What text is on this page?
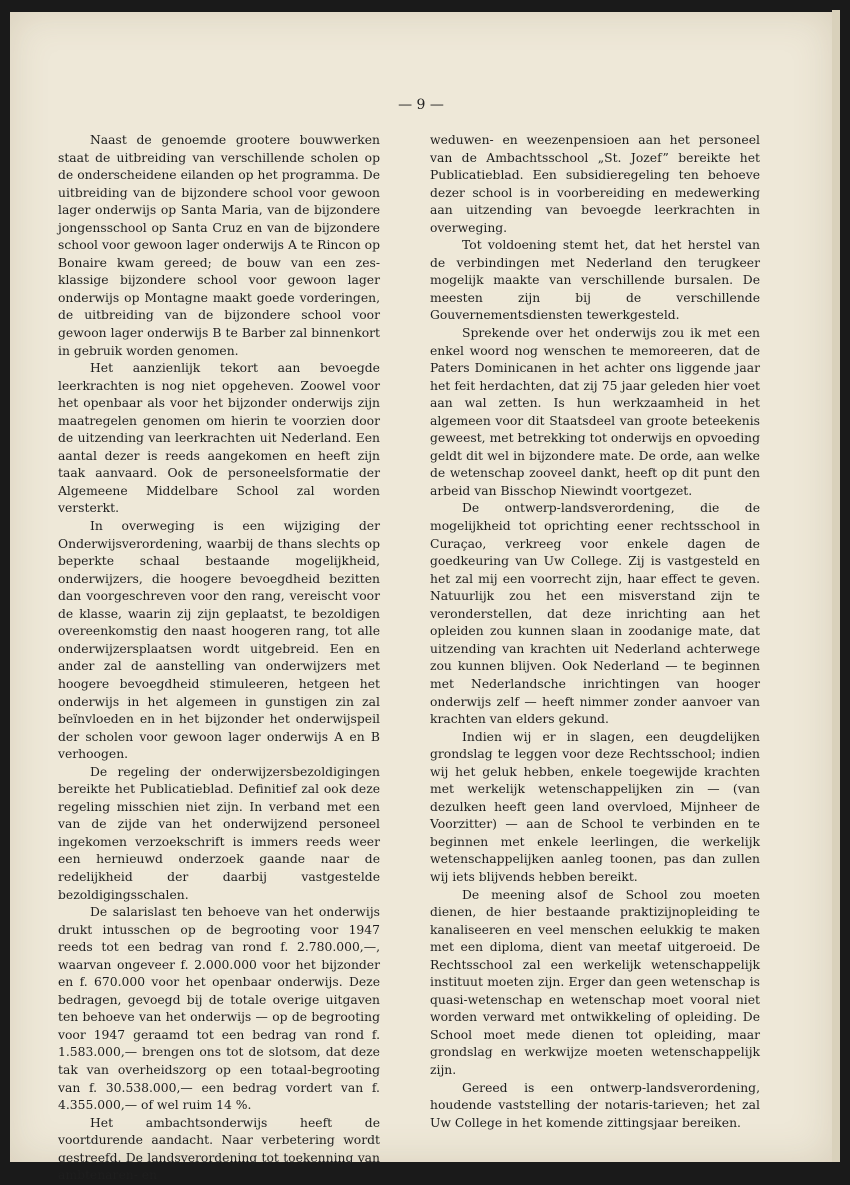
— 9 —

Naast de genoemde grootere bouwwerken staat de uitbreiding van verschillende scholen op de onderscheidene eilanden op het programma. De uitbreiding van de bijzondere school voor gewoon lager onderwijs op Santa Maria, van de bijzondere jongensschool op Santa Cruz en van de bijzondere school voor gewoon lager onderwijs A te Rincon op Bonaire kwam gereed; de bouw van een zes-klassige bijzondere school voor gewoon lager onderwijs op Montagne maakt goede vorderingen, de uitbreiding van de bijzondere school voor gewoon lager onderwijs B te Barber zal binnenkort in gebruik worden genomen.

Het aanzienlijk tekort aan bevoegde leerkrachten is nog niet opgeheven. Zoowel voor het openbaar als voor het bijzonder onderwijs zijn maatregelen genomen om hierin te voorzien door de uitzending van leerkrachten uit Nederland. Een aantal dezer is reeds aangekomen en heeft zijn taak aanvaard. Ook de personeelsformatie der Algemeene Middelbare School zal worden versterkt.

In overweging is een wijziging der Onderwijsverordening, waarbij de thans slechts op beperkte schaal bestaande mogelijkheid, onderwijzers, die hoogere bevoegdheid bezitten dan voorgeschreven voor den rang, vereischt voor de klasse, waarin zij zijn geplaatst, te bezoldigen overeenkomstig den naast hoogeren rang, tot alle onderwijzersplaatsen wordt uitgebreid. Een en ander zal de aanstelling van onderwijzers met hoogere bevoegdheid stimuleeren, hetgeen het onderwijs in het algemeen in gunstigen zin zal beïnvloeden en in het bijzonder het onderwijspeil der scholen voor gewoon lager onderwijs A en B verhoogen.

De regeling der onderwijzersbezoldigingen bereikte het Publicatieblad. Definitief zal ook deze regeling misschien niet zijn. In verband met een van de zijde van het onderwijzend personeel ingekomen verzoekschrift is immers reeds weer een hernieuwd onderzoek gaande naar de redelijkheid der daarbij vastgestelde bezoldigingsschalen.

De salarislast ten behoeve van het onderwijs drukt intusschen op de begrooting voor 1947 reeds tot een bedrag van rond f. 2.780.000,—, waarvan ongeveer f. 2.000.000 voor het bijzonder en f. 670.000 voor het openbaar onderwijs. Deze bedragen, gevoegd bij de totale overige uitgaven ten behoeve van het onderwijs — op de begrooting voor 1947 geraamd tot een bedrag van rond f. 1.583.000,— brengen ons tot de slotsom, dat deze tak van overheidszorg op een totaal-begrooting van f. 30.538.000,— een bedrag vordert van f. 4.355.000,— of wel ruim 14 %.

Het ambachtsonderwijs heeft de voortdurende aandacht. Naar verbetering wordt gestreefd. De landsverordening tot toekenning van ambtenaren- en

weduwen- en weezenpensioen aan het personeel van de Ambachtsschool „St. Jozef” bereikte het Publicatieblad. Een subsidieregeling ten behoeve dezer school is in voorbereiding en medewerking aan uitzending van bevoegde leerkrachten in overweging.

Tot voldoening stemt het, dat het herstel van de verbindingen met Nederland den terugkeer mogelijk maakte van verschillende bursalen. De meesten zijn bij de verschillende Gouvernementsdiensten tewerkgesteld.

Sprekende over het onderwijs zou ik met een enkel woord nog wenschen te memoreeren, dat de Paters Dominicanen in het achter ons liggende jaar het feit herdachten, dat zij 75 jaar geleden hier voet aan wal zetten. Is hun werkzaamheid in het algemeen voor dit Staatsdeel van groote beteekenis geweest, met betrekking tot onderwijs en opvoeding geldt dit wel in bijzondere mate. De orde, aan welke de wetenschap zooveel dankt, heeft op dit punt den arbeid van Bisschop Niewindt voortgezet.

De ontwerp-landsverordening, die de mogelijkheid tot oprichting eener rechtsschool in Curaçao, verkreeg voor enkele dagen de goedkeuring van Uw College. Zij is vastgesteld en het zal mij een voorrecht zijn, haar effect te geven. Natuurlijk zou het een misverstand zijn te veronderstellen, dat deze inrichting aan het opleiden zou kunnen slaan in zoodanige mate, dat uitzending van krachten uit Nederland achterwege zou kunnen blijven. Ook Nederland — te beginnen met Nederlandsche inrichtingen van hooger onderwijs zelf — heeft nimmer zonder aanvoer van krachten van elders gekund.

Indien wij er in slagen, een deugdelijken grondslag te leggen voor deze Rechtsschool; indien wij het geluk hebben, enkele toegewijde krachten met werkelijk wetenschappelijken zin — (van dezulken heeft geen land overvloed, Mijnheer de Voorzitter) — aan de School te verbinden en te beginnen met enkele leerlingen, die werkelijk wetenschappelijken aanleg toonen, pas dan zullen wij iets blijvends hebben bereikt.

De meening alsof de School zou moeten dienen, de hier bestaande praktizijnopleiding te kanaliseeren en veel menschen eelukkig te maken met een diploma, dient van meetaf uitgeroeid. De Rechtsschool zal een werkelijk wetenschappelijk instituut moeten zijn. Erger dan geen wetenschap is quasi-wetenschap en wetenschap moet vooral niet worden verward met ontwikkeling of opleiding. De School moet mede dienen tot opleiding, maar grondslag en werkwijze moeten wetenschappelijk zijn.

Gereed is een ontwerp-landsverordening, houdende vaststelling der notaris-tarieven; het zal Uw College in het komende zittingsjaar bereiken.
